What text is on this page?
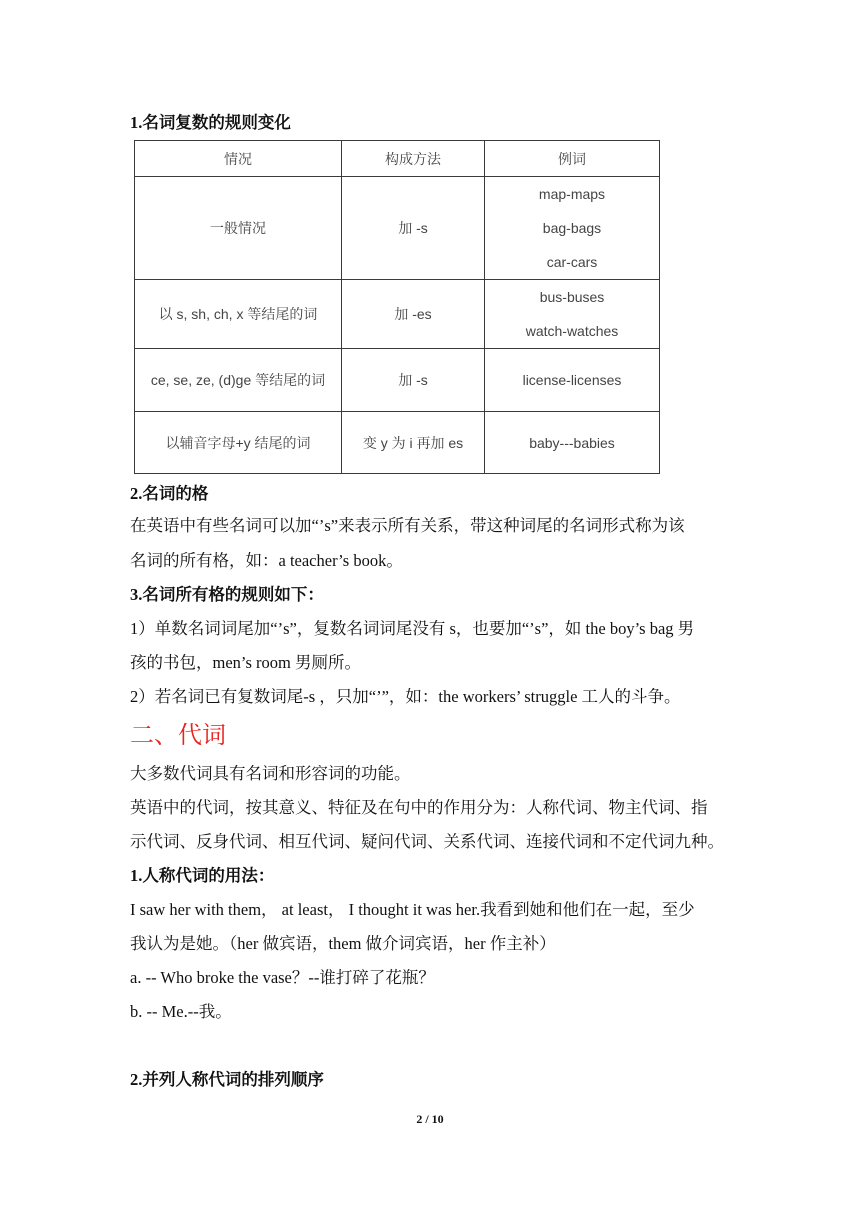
1.名词复数的规则变化
情况	构成方法	例词
一般情况	加 -s	map-maps
bag-bags
car-cars

以 s, sh, ch, x 等结尾的词	加 -es	bus-buses
watch-watches

ce, se, ze, (d)ge 等结尾的词	加 -s	license-licenses

以辅音字母+y 结尾的词	变 y 为 i 再加 es	baby---babies
2.名词的格
在英语中有些名词可以加“’s”来表示所有关系，带这种词尾的名词形式称为该
名词的所有格，如：a teacher’s book。
3.名词所有格的规则如下：
1）单数名词词尾加“’s”，复数名词词尾没有 s，也要加“’s”，如 the boy’s bag 男
孩的书包，men’s room 男厕所。
2）若名词已有复数词尾-s ，只加“’”，如：the workers’ struggle 工人的斗争。
二、代词
大多数代词具有名词和形容词的功能。
英语中的代词，按其意义、特征及在句中的作用分为：人称代词、物主代词、指
示代词、反身代词、相互代词、疑问代词、关系代词、连接代词和不定代词九种。
1.人称代词的用法：
I saw her with them， at least， I thought it was her.我看到她和他们在一起，至少
我认为是她。（her 做宾语，them 做介词宾语，her 作主补）
a. -- Who broke the vase？--谁打碎了花瓶？
b. -- Me.--我。
2.并列人称代词的排列顺序
2 / 10
